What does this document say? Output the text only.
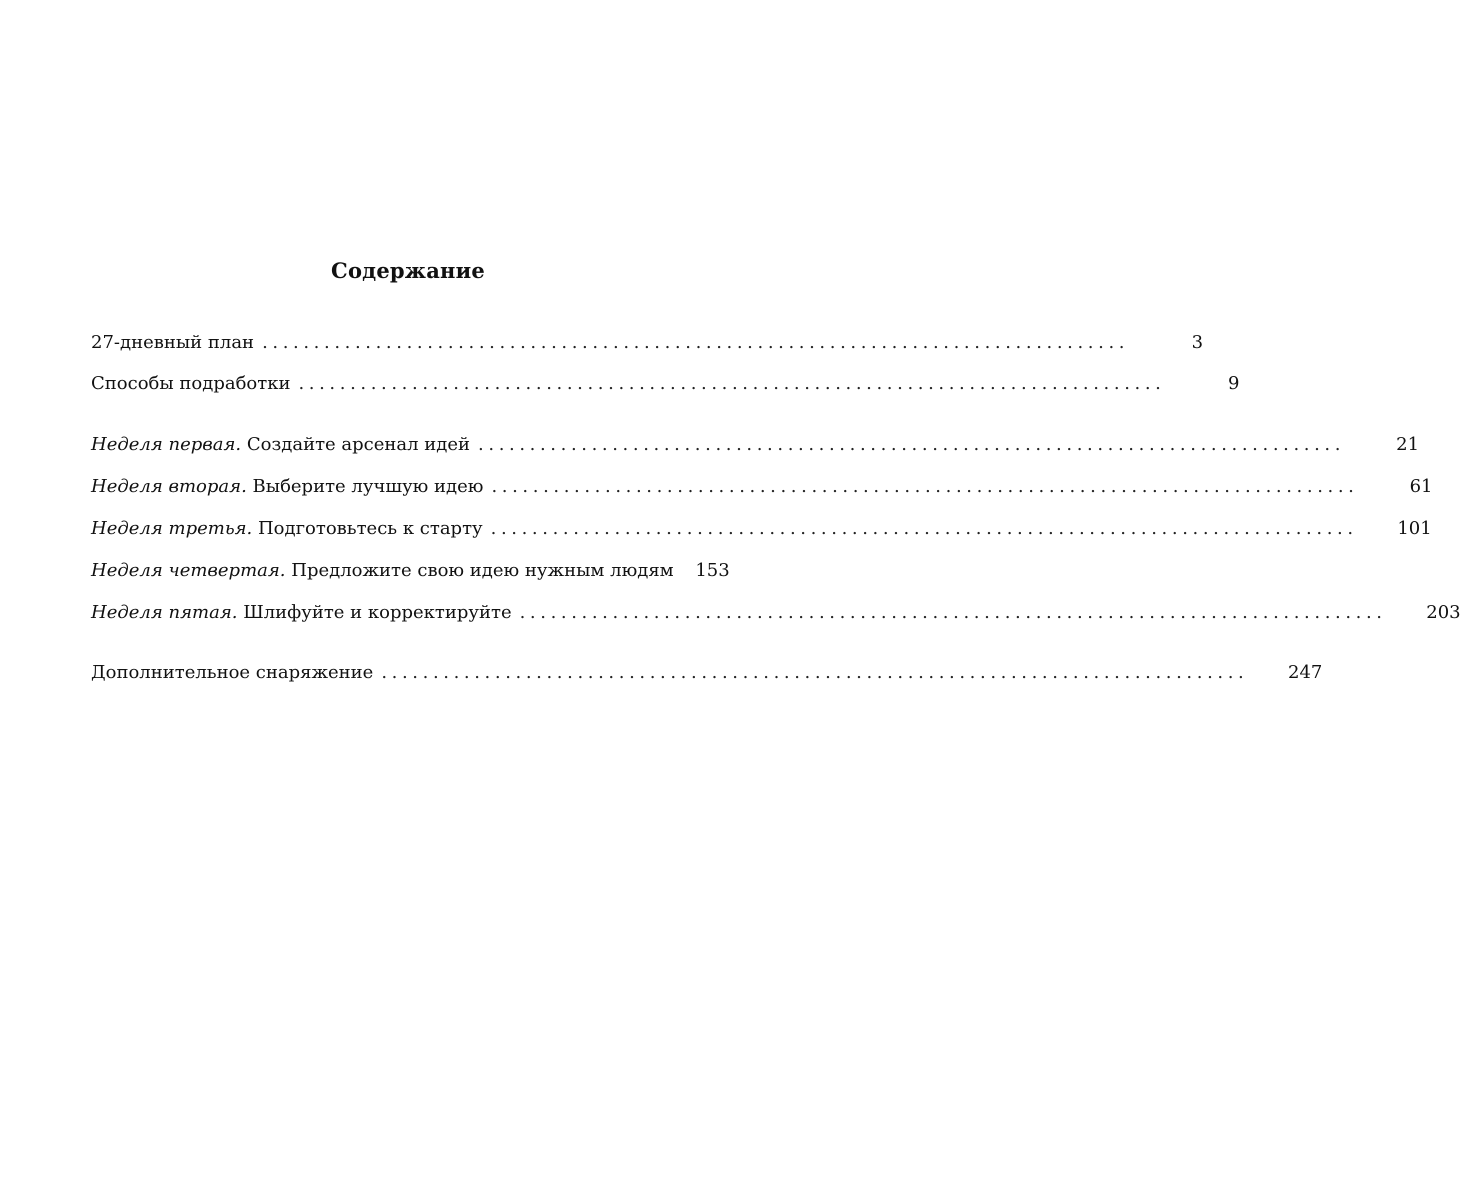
Содержание
27-дневный план ....................................................................................	3
Способы подработки ....................................................................................	9
Неделя первая. Создайте арсенал идей ....................................................................................	21
Неделя вторая. Выберите лучшую идею ....................................................................................	61
Неделя третья. Подготовьтесь к старту ....................................................................................	101
Неделя четвертая. Предложите свою идею нужным людям	153
Неделя пятая. Шлифуйте и корректируйте ....................................................................................	203
Дополнительное снаряжение ....................................................................................	247
